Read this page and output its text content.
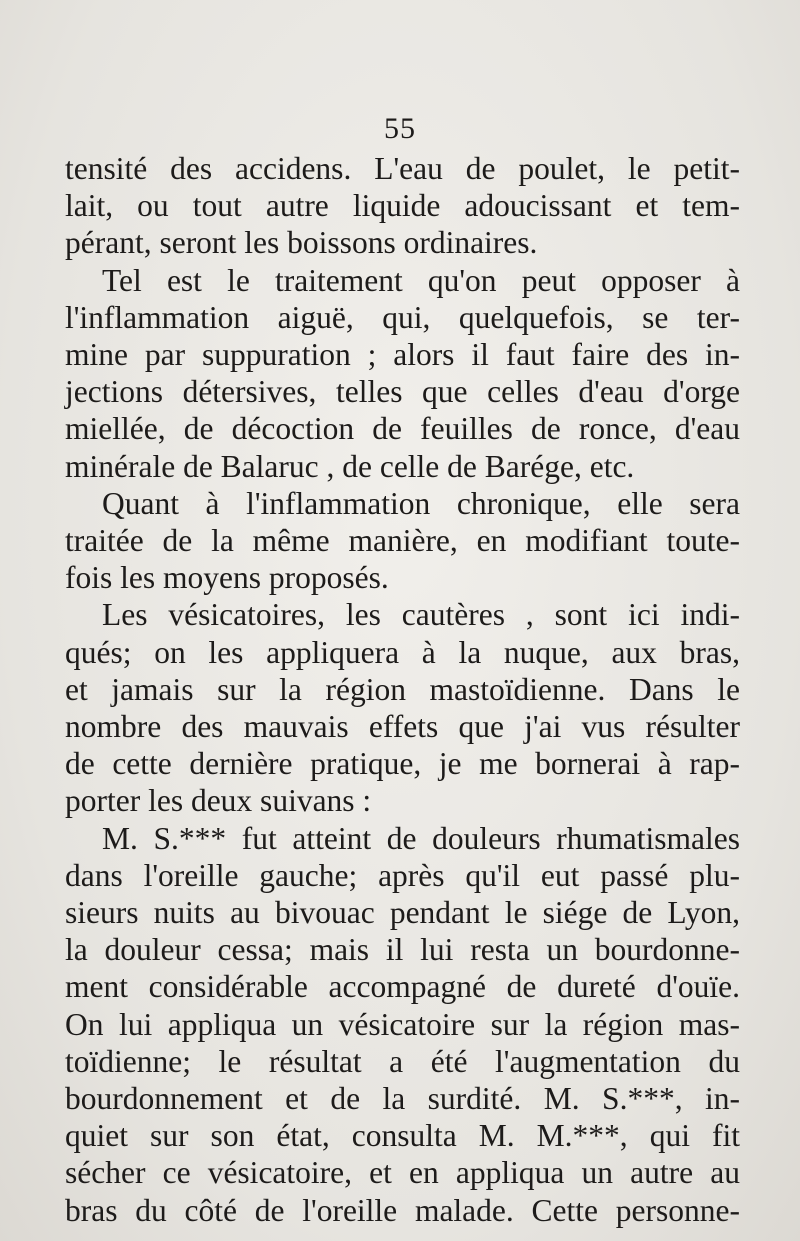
55
tensité des accidens. L'eau de poulet, le petit-
lait, ou tout autre liquide adoucissant et tem-
pérant, seront les boissons ordinaires.
Tel est le traitement qu'on peut opposer à
l'inflammation aiguë, qui, quelquefois, se ter-
mine par suppuration ; alors il faut faire des in-
jections détersives, telles que celles d'eau d'orge
miellée, de décoction de feuilles de ronce, d'eau
minérale de Balaruc , de celle de Barége, etc.
Quant à l'inflammation chronique, elle sera
traitée de la même manière, en modifiant toute-
fois les moyens proposés.
Les vésicatoires, les cautères , sont ici indi-
qués; on les appliquera à la nuque, aux bras,
et jamais sur la région mastoïdienne. Dans le
nombre des mauvais effets que j'ai vus résulter
de cette dernière pratique, je me bornerai à rap-
porter les deux suivans :
M. S.*** fut atteint de douleurs rhumatismales
dans l'oreille gauche; après qu'il eut passé plu-
sieurs nuits au bivouac pendant le siége de Lyon,
la douleur cessa; mais il lui resta un bourdonne-
ment considérable accompagné de dureté d'ouïe.
On lui appliqua un vésicatoire sur la région mas-
toïdienne; le résultat a été l'augmentation du
bourdonnement et de la surdité. M. S.***, in-
quiet sur son état, consulta M. M.***, qui fit
sécher ce vésicatoire, et en appliqua un autre au
bras du côté de l'oreille malade. Cette personne-
